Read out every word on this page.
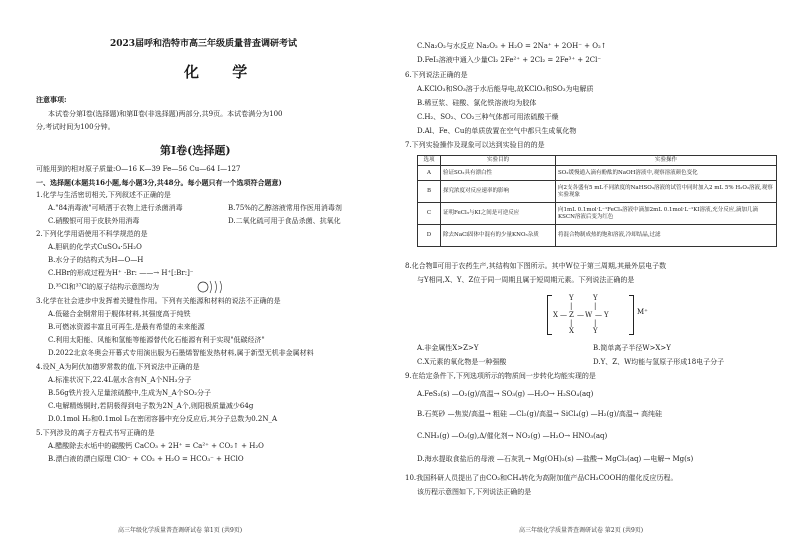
2023届呼和浩特市高三年级质量普查调研考试
化 学
注意事项:
本试卷分第Ⅰ卷(选择题)和第Ⅱ卷(非选择题)两部分,共9页。本试卷满分为100
分,考试时间为100分钟。
第Ⅰ卷(选择题)
可能用到的相对原子质量:O—16 K—39 Fe—56 Cu—64 I—127
一、选择题(本题共16小题,每小题3分,共48分。每小题只有一个选项符合题意)
1.化学与生活密切相关,下列叙述不正确的是
A."84消毒液"可喷洒于衣物上进行杀菌消毒	B.75%的乙醇溶液常用作医用消毒剂
C.硝酸银可用于皮肤外用消毒	D.二氧化硫可用于食品杀菌、抗氧化
2.下列化学用语使用不科学规范的是
A.胆矾的化学式CuSO₄·5H₂O
B.水分子的结构式为H—O—H
C.HBr的形成过程为H⁺ ·Br: ——→ H⁺[:Br:]⁻
D.³⁵Cl和³⁷Cl的原子结构示意图均为
3.化学在社会进步中发挥着关键性作用。下列有关能源和材料的说法不正确的是
A.低磁合金钢常用于舰体材料,其强度高于纯铁
B.可燃冰资源丰富且可再生,是最有希望的未来能源
C.利用太阳能、风能和氢能等能源替代化石能源有利于实现"低碳经济"
D.2022北京冬奥会开幕式专用演出服为石墨烯智能发热材料,属于新型无机非金属材料
4.设N_A为阿伏加德罗常数的值,下列说法中正确的是
A.标准状况下,22.4L氨水含有N_A个NH₃分子
B.56g铁片投入足量浓硫酸中,生成为N_A个SO₂分子
C.电解精炼铜时,若阴极得到电子数为2N_A个,则阳极质量减少64g
D.0.1mol H₂和0.1mol I₂在密闭容器中充分反应后,其分子总数为0.2N_A
5.下列涉及的离子方程式书写正确的是
A.醋酸除去水垢中的碳酸钙 CaCO₃ + 2H⁺ = Ca²⁺ + CO₂↑ + H₂O
B.漂白液的漂白原理 ClO⁻ + CO₂ + H₂O = HCO₃⁻ + HClO
高三年级化学质量普查调研试卷 第1页 (共9页)
C.Na₂O₂与水反应 Na₂O₂ + H₂O = 2Na⁺ + 2OH⁻ + O₂↑
D.FeI₂溶液中通入少量Cl₂ 2Fe²⁺ + 2Cl₂ = 2Fe³⁺ + 2Cl⁻
6.下列说法正确的是
A.KClO₃和SO₃溶于水后能导电,故KClO₃和SO₃为电解质
B.稀豆浆、硅酸、氯化铁溶液均为胶体
C.H₂、SO₂、CO₂三种气体都可用浓硫酸干燥
D.Al、Fe、Cu的单质放置在空气中都只生成氧化物
7.下列实验操作及现象可以达到实验目的的是
选项	实验目的	实验操作
A	验证SO₂具有漂白性	SO₂缓慢通入滴有酚酞的NaOH溶液中,观察溶液颜色变化
B	探究浓度对反应速率的影响	向2支各盛有5 mL不同浓度的NaHSO₃溶液的试管中同时加入2 mL 5% H₂O₂溶液,观察实验现象
C	证明FeCl₃与KI之间是可逆反应	向1mL 0.1mol·L⁻¹FeCl₃溶液中滴加2mL 0.1mol·L⁻¹KI溶液,充分反应,滴加几滴KSCN溶液后变为红色
D	除去NaCl固体中混有的少量KNO₃杂质	将混合物制成热的饱和溶液,冷却结晶,过滤
8.化合物Ⅱ可用于农药生产,其结构如下图所示。其中W位于第三周期,其最外层电子数
与Y相同,X、Y、Z位于同一周期且属于短周期元素。下列说法正确的是
Y	Y
|	|
X — Z — W — Y
|	|
X	Y
M⁺
A.非金属性X>Z>Y	B.简单离子半径W>X>Y
C.X元素的氧化物是一种强酸	D.Y、Z、W均能与氢原子形成18电子分子
9.在给定条件下,下列选项所示的物质间一步转化均能实现的是
A.FeS₂(s) —O₂(g)/高温→ SO₃(g) —H₂O→ H₂SO₄(aq)
B.石英砂 —焦炭/高温→ 粗硅 —Cl₂(g)/高温→ SiCl₄(g) —H₂(g)/高温→ 高纯硅
C.NH₃(g) —O₂(g),Δ/催化剂→ NO₂(g) —H₂O→ HNO₃(aq)
D.海水提取食盐后的母液 —石灰乳→ Mg(OH)₂(s) —盐酸→ MgCl₂(aq) —电解→ Mg(s)
10.我国科研人员提出了由CO₂和CH₄转化为高附加值产品CH₃COOH的催化反应历程。
该历程示意图如下,下列说法正确的是
高三年级化学质量普查调研试卷 第2页 (共9页)
